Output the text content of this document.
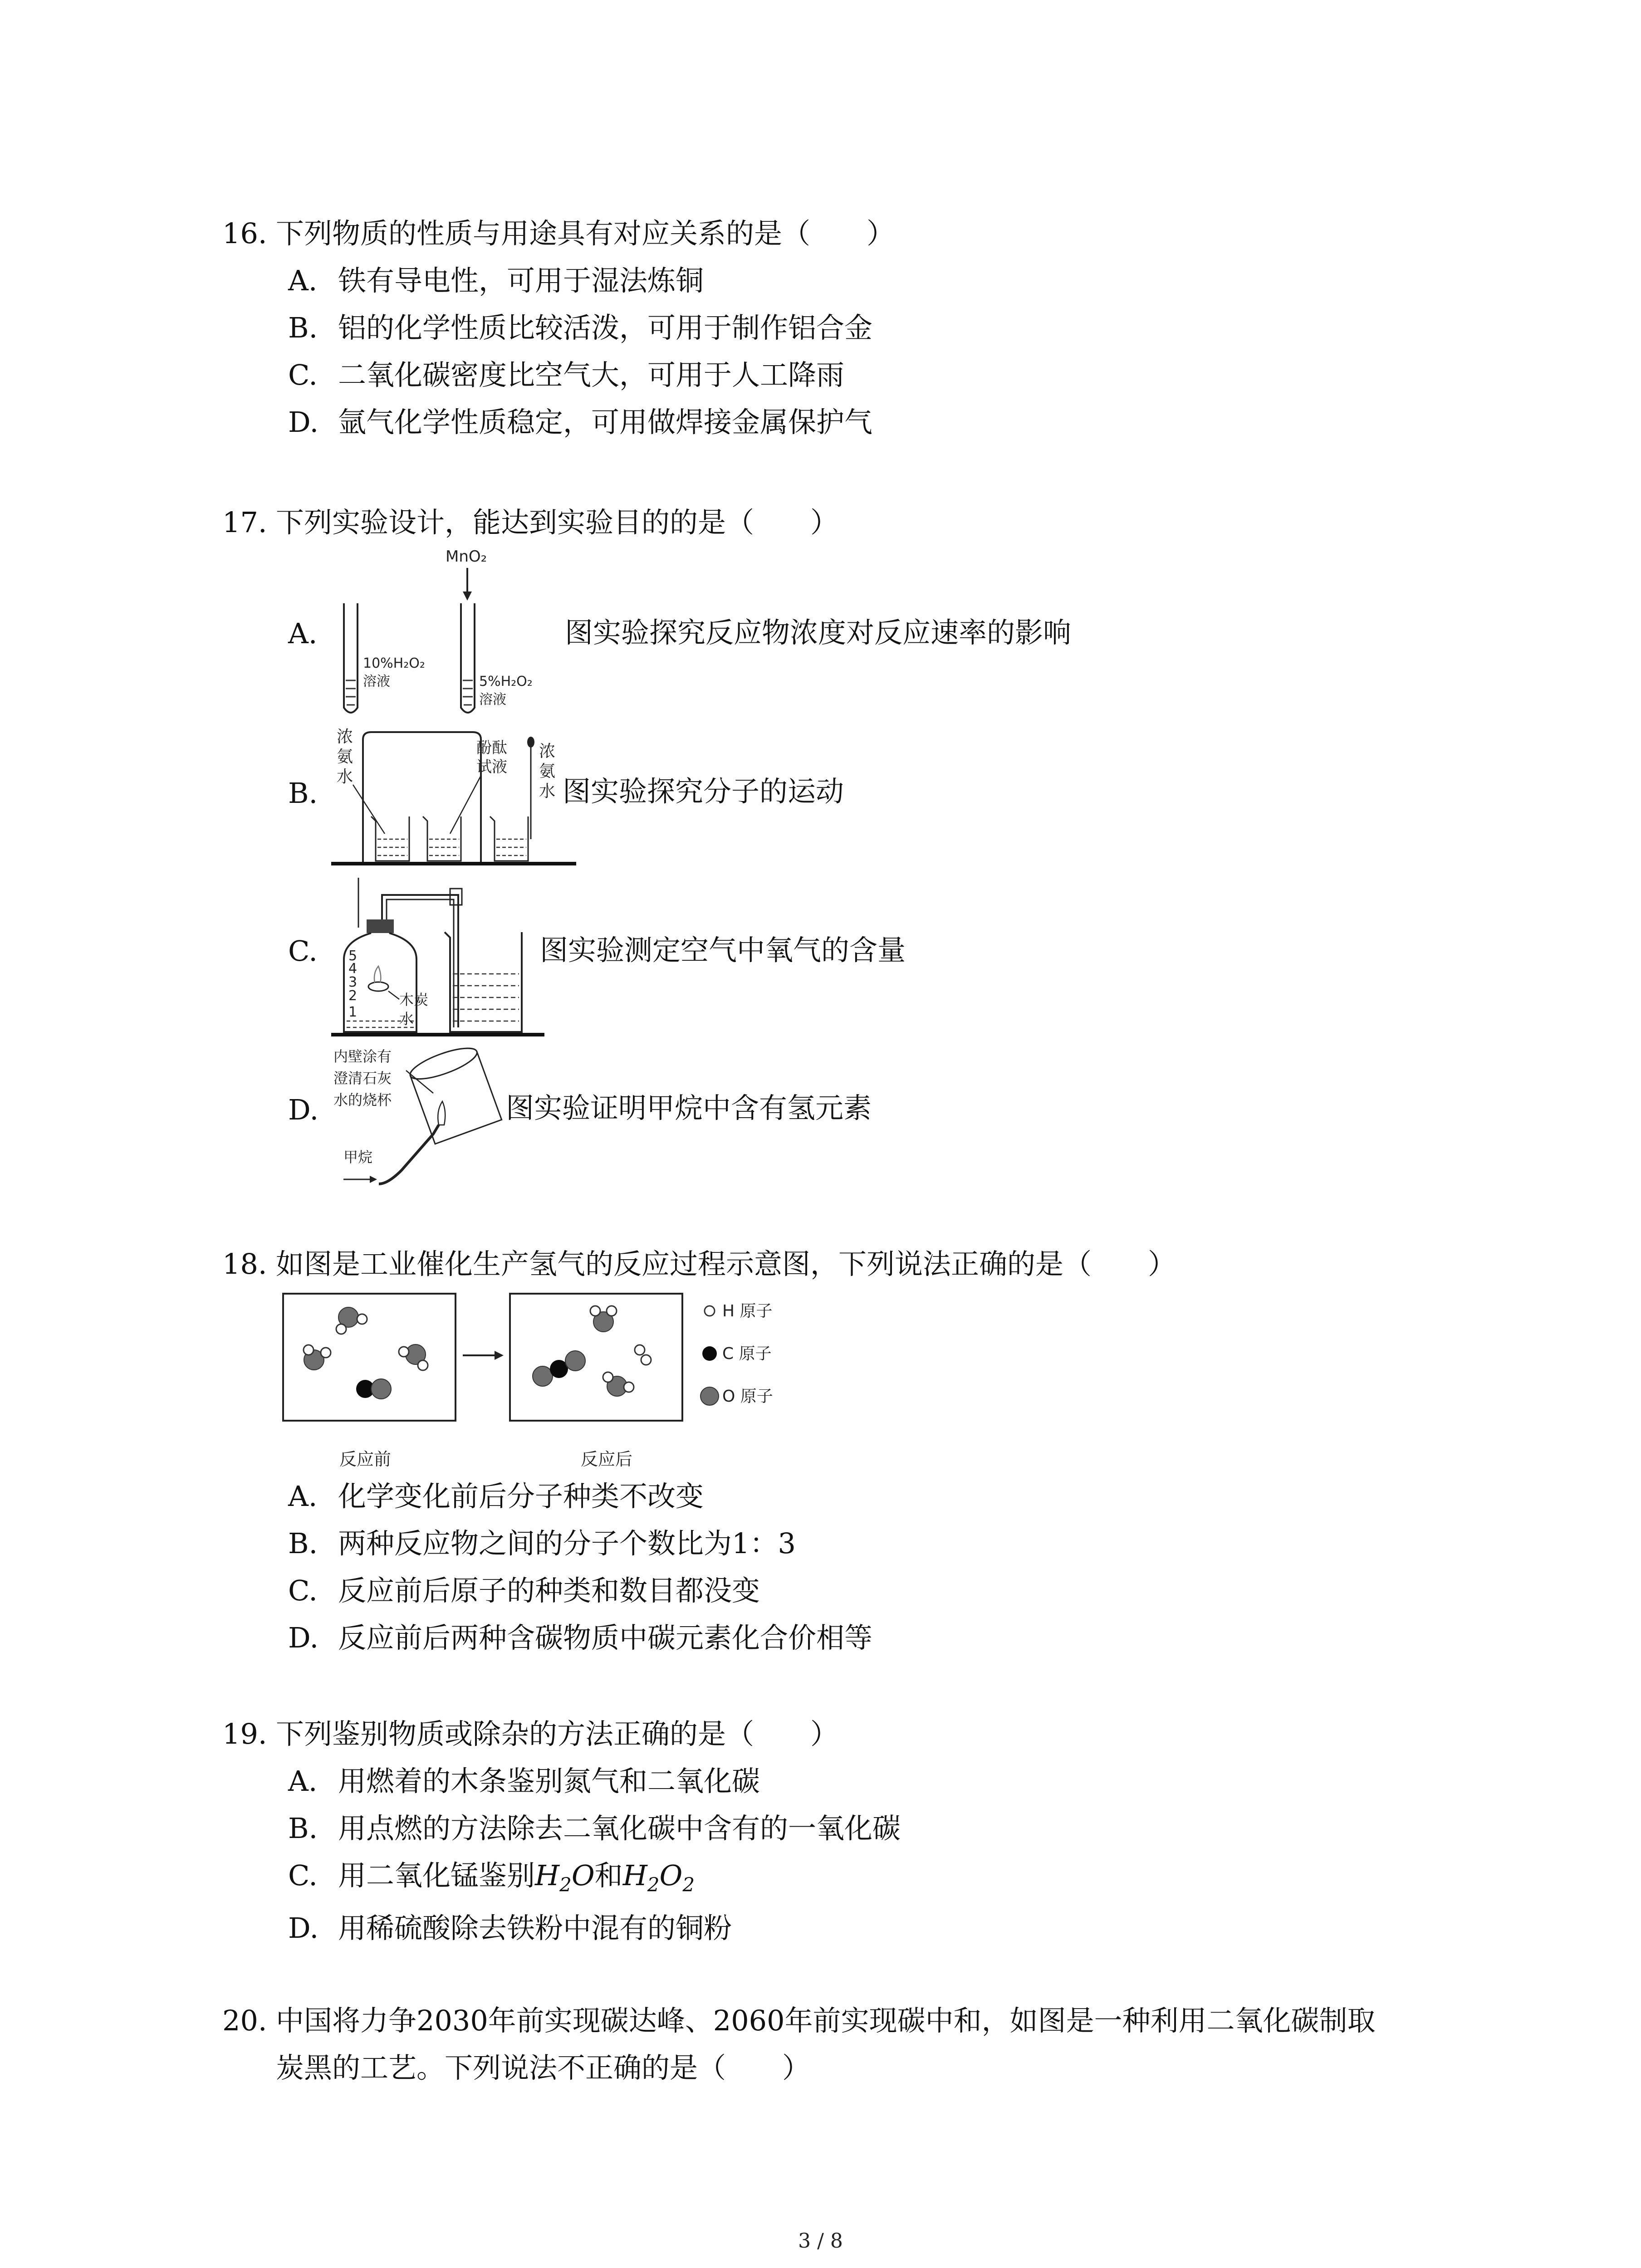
16. 下列物质的性质与用途具有对应关系的是（　　）
A. 铁有导电性，可用于湿法炼铜
B. 铝的化学性质比较活泼，可用于制作铝合金
C. 二氧化碳密度比空气大，可用于人工降雨
D. 氩气化学性质稳定，可用做焊接金属保护气
17. 下列实验设计，能达到实验目的的是（　　）
A.
MnO₂
10%H₂O₂
溶液	5%H₂O₂
溶液
图实验探究反应物浓度对反应速率的影响
B.
浓
氨
水
酚酞
试液
浓
氨
水 图实验探究分子的运动
C. 5
4
3
2
1
木炭
水
图实验测定空气中氧气的含量
D.
内壁涂有
澄清石灰
水的烧杯
甲烷
图实验证明甲烷中含有氢元素
18. 如图是工业催化生产氢气的反应过程示意图，下列说法正确的是（　　）
H 原子
C 原子
O 原子
反应前	反应后
A. 化学变化前后分子种类不改变
B. 两种反应物之间的分子个数比为1：3
C. 反应前后原子的种类和数目都没变
D. 反应前后两种含碳物质中碳元素化合价相等
19. 下列鉴别物质或除杂的方法正确的是（　　）
A. 用燃着的木条鉴别氮气和二氧化碳
B. 用点燃的方法除去二氧化碳中含有的一氧化碳
C. 用二氧化锰鉴别$H_2O$和$H_2O_2$
D. 用稀硫酸除去铁粉中混有的铜粉
20. 中国将力争2030年前实现碳达峰、2060年前实现碳中和，如图是一种利用二氧化碳制取
炭黑的工艺。下列说法不正确的是（　　）
3 / 8
